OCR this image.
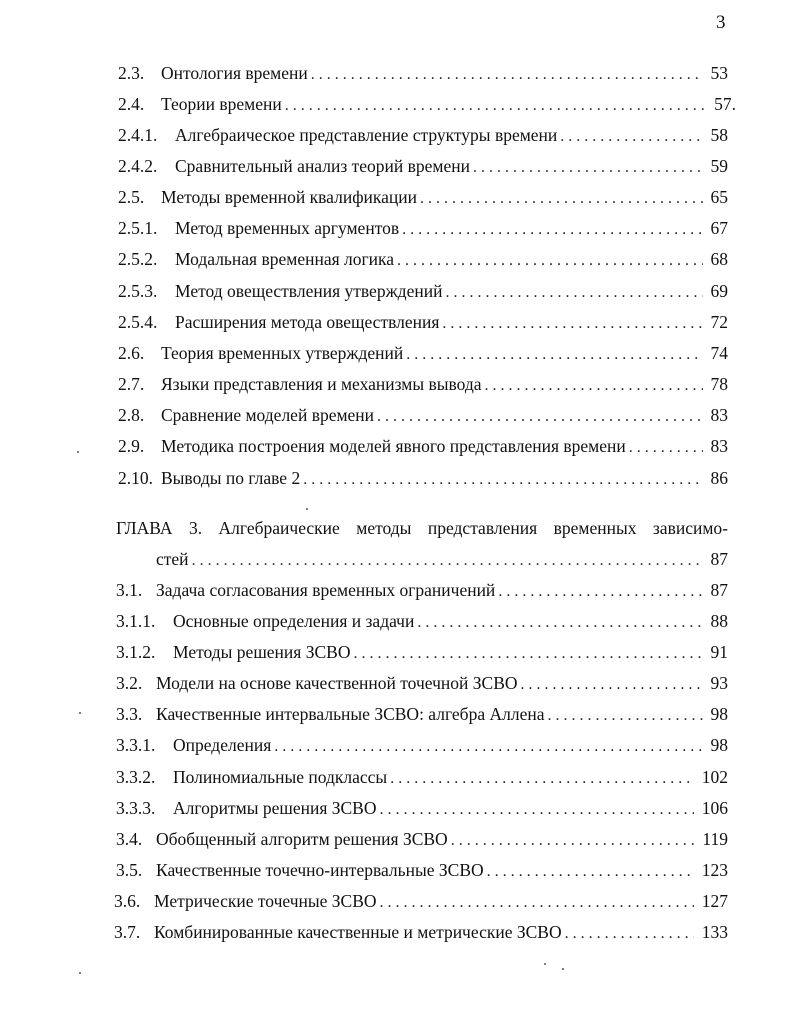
3
2.3. Онтология времени . . .	53
2.4. Теории времени . . .	57.
2.4.1.	Алгебраическое представление структуры времени . . .	58
2.4.2.	Сравнительный анализ теорий времени . . .	59
2.5. Методы временной квалификации . . .	65
2.5.1.	Метод временных аргументов . . .	67
2.5.2.	Модальная временная логика . . .	68
2.5.3.	Метод овеществления утверждений . . .	69
2.5.4.	Расширения метода овеществления . . .	72
2.6. Теория временных утверждений . . .	74
2.7. Языки представления и механизмы вывода . . .	78
2.8. Сравнение моделей времени . . .	83
2.9. Методика построения моделей явного представления времени . . .	83
2.10. Выводы по главе 2 . . .	86
ГЛАВА 3. Алгебраические методы представления временных зависимо-
стей . . .	87
3.1. Задача согласования временных ограничений . . .	87
3.1.1.	Основные определения и задачи . . .	88
3.1.2.	Методы решения ЗСВО . . .	91
3.2. Модели на основе качественной точечной ЗСВО . . .	93
3.3. Качественные интервальные ЗСВО: алгебра Аллена . . .	98
3.3.1.	Определения . . .	98
3.3.2.	Полиномиальные подклассы . . .	102
3.3.3.	Алгоритмы решения ЗСВО . . .	106
3.4. Обобщенный алгоритм решения ЗСВО . . .	119
3.5. Качественные точечно-интервальные ЗСВО . . .	123
3.6. Метрические точечные ЗСВО . . .	127
3.7. Комбинированные качественные и метрические ЗСВО . . .	133
